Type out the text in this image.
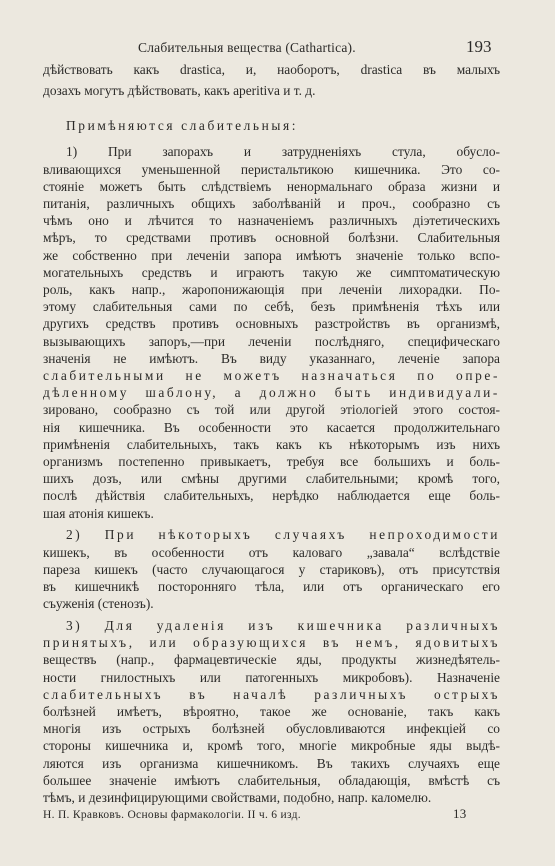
Слабительныя вещества (Cathartica).	193
дѣйствовать какъ drastica, и, наоборотъ, drastica въ малыхъ
дозахъ могутъ дѣйствовать, какъ aperitiva и т. д.
Примѣняются слабительныя:
1) При запорахъ и затрудненіяхъ стула, обусло-
вливающихся уменьшенной перистальтикою кишечника. Это со-
стояніе можетъ быть слѣдствіемъ ненормальнаго образа жизни и
питанія, различныхъ общихъ заболѣваній и проч., сообразно съ
чѣмъ оно и лѣчится то назначеніемъ различныхъ діэтетическихъ
мѣръ, то средствами противъ основной болѣзни. Слабительныя
же собственно при леченіи запора имѣютъ значеніе только вспо-
могательныхъ средствъ и играютъ такую же симптоматическую
роль, какъ напр., жаропонижающія при леченіи лихорадки. По-
этому слабительныя сами по себѣ, безъ примѣненія тѣхъ или
другихъ средствъ противъ основныхъ разстройствъ въ организмѣ,
вызывающихъ запоръ,—при леченіи послѣдняго, специфическаго
значенія не имѣютъ. Въ виду указаннаго, леченіе запора
слабительными не можетъ назначаться по опре-
дѣленному шаблону, а должно быть индивидуали-
зировано, сообразно съ той или другой этіологіей этого состоя-
нія кишечника. Въ особенности это касается продолжительнаго
примѣненія слабительныхъ, такъ какъ къ нѣкоторымъ изъ нихъ
организмъ постепенно привыкаетъ, требуя все большихъ и боль-
шихъ дозъ, или смѣны другими слабительными; кромѣ того,
послѣ дѣйствія слабительныхъ, нерѣдко наблюдается еще боль-
шая атонія кишекъ.
2) При нѣкоторыхъ случаяхъ непроходимости
кишекъ, въ особенности отъ каловаго „завала“ вслѣдствіе
пареза кишекъ (часто случающагося у стариковъ), отъ присутствія
въ кишечникѣ посторонняго тѣла, или отъ органическаго его
съуженія (стенозъ).
3) Для удаленія изъ кишечника различныхъ
принятыхъ, или образующихся въ немъ, ядовитыхъ
веществъ (напр., фармацевтическіе яды, продукты жизнедѣятель-
ности гнилостныхъ или патогенныхъ микробовъ). Назначеніе
слабительныхъ въ началѣ различныхъ острыхъ
болѣзней имѣетъ, вѣроятно, такое же основаніе, такъ какъ
многія изъ острыхъ болѣзней обусловливаются инфекціей со
Н. П. Кравковъ. Основы фармакологіи. II ч. 6 изд.	13
стороны кишечника и, кромѣ того, многіе микробные яды выдѣ-
ляются изъ организма кишечникомъ. Въ такихъ случаяхъ еще
большее значеніе имѣютъ слабительныя, обладающія, вмѣстѣ съ
тѣмъ, и дезинфицирующими свойствами, подобно, напр. каломелю.
